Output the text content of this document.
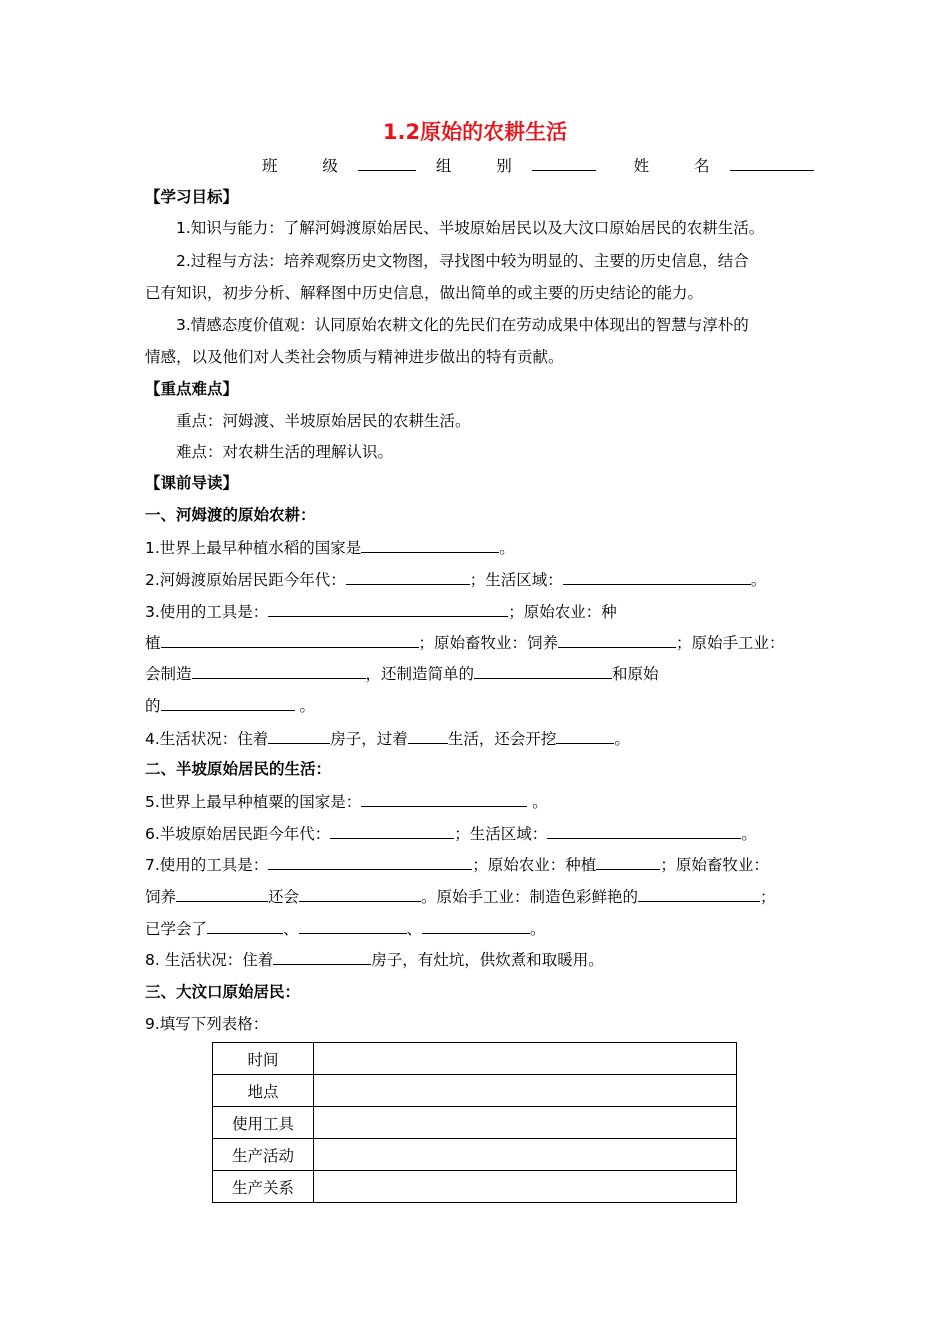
1.2原始的农耕生活
班 级	组 别	姓 名
【学习目标】
1.知识与能力：了解河姆渡原始居民、半坡原始居民以及大汶口原始居民的农耕生活。
2.过程与方法：培养观察历史文物图，寻找图中较为明显的、主要的历史信息，结合
已有知识，初步分析、解释图中历史信息，做出简单的或主要的历史结论的能力。
3.情感态度价值观：认同原始农耕文化的先民们在劳动成果中体现出的智慧与淳朴的
情感，以及他们对人类社会物质与精神进步做出的特有贡献。
【重点难点】
重点：河姆渡、半坡原始居民的农耕生活。
难点：对农耕生活的理解认识。
【课前导读】
一、河姆渡的原始农耕：
1.世界上最早种植水稻的国家是	。
2.河姆渡原始居民距今年代：	；生活区域：	。
3.使用的工具是：	；原始农业：种
植	；原始畜牧业：饲养	；原始手工业：
会制造	，还制造简单的	和原始
的	。
4.生活状况：住着	房子，过着	生活，还会开挖	。
二、半坡原始居民的生活：
5.世界上最早种植粟的国家是：	。
6.半坡原始居民距今年代：	；生活区域：	。
7.使用的工具是：	；原始农业：种植	；原始畜牧业：
饲养	还会	。原始手工业：制造色彩鲜艳的	；
已学会了	、	、	。
8. 生活状况：住着	房子，有灶坑，供炊煮和取暖用。
三、大汶口原始居民：
9.填写下列表格：
时间	
地点	
使用工具	
生产活动	
生产关系	
